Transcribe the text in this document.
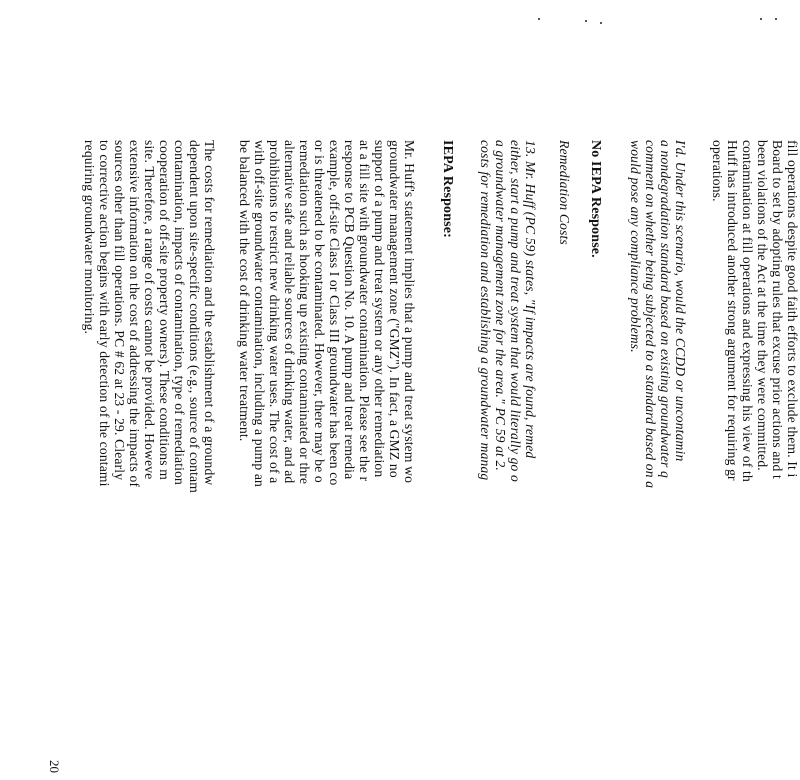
fill operations despite good faith efforts to exclude them. It i
Board to set by adopting rules that excuse prior actions and t
been violations of the Act at the time they were committed.
contamination at fill operations and expressing his view of th
Huff has introduced another strong argument for requiring gr
operations.
I'd. Under this scenario, would the CCDD or uncontamin
a nondegradation standard based on existing groundwater q
comment on whether being subjected to a standard based on a
would pose any compliance problems.
No IEPA Response.
Remediation Costs
13. Mr. Huff (PC 59) states, "If impacts are found, remed
either, start a pump and treat system that would literally go o
a groundwater management zone for the area." PC 59 at 2.
costs for remediation and establishing a groundwater manag
IEPA Response:
Mr. Huff's statement implies that a pump and treat system wo
groundwater management zone ("GMZ"). In fact, a GMZ no
support of a pump and treat system or any other remediation
at a fill site with groundwater contamination. Please see the r
response to PCB Question No. 10. A pump and treat remedia
example, off-site Class I or Class III groundwater has been co
or is threatened to be contaminated. However, there may be o
remediation such as hooking up existing contaminated or thre
alternative safe and reliable sources of drinking water, and ad
prohibitions to restrict new drinking water uses. The cost of a
with off-site groundwater contamination, including a pump an
be balanced with the cost of drinking water treatment.
The costs for remediation and the establishment of a groundw
dependent upon site-specific conditions (e.g., source of contam
contamination, impacts of contamination, type of remediation
cooperation of off-site property owners). These conditions m
site. Therefore, a range of costs cannot be provided. Howeve
extensive information on the cost of addressing the impacts of
sources other than fill operations. PC # 62 at 23 - 29. Clearly
to corrective action begins with early detection of the contami
requiring groundwater monitoring.
20
